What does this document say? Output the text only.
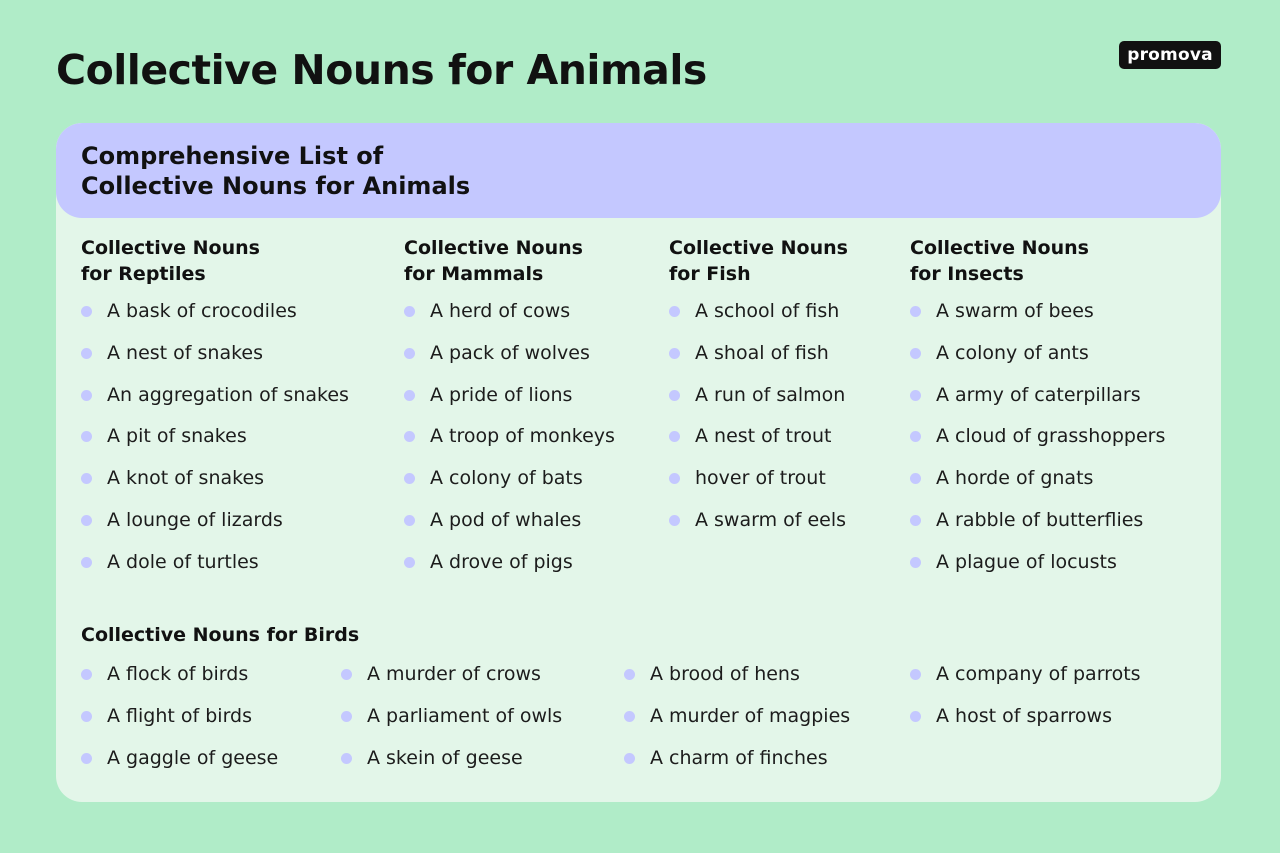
Collective Nouns for Animals	promova
Comprehensive List of
Collective Nouns for Animals
Collective Nouns
for Reptiles
A bask of crocodiles
A nest of snakes
An aggregation of snakes
A pit of snakes
A knot of snakes
A lounge of lizards
A dole of turtles
Collective Nouns
for Mammals
A herd of cows
A pack of wolves
A pride of lions
A troop of monkeys
A colony of bats
A pod of whales
A drove of pigs
Collective Nouns
for Fish
A school of fish
A shoal of fish
A run of salmon
A nest of trout
hover of trout
A swarm of eels
Collective Nouns
for Insects
A swarm of bees
A colony of ants
A army of caterpillars
A cloud of grasshoppers
A horde of gnats
A rabble of butterflies
A plague of locusts
Collective Nouns for Birds
A flock of birds
A flight of birds
A gaggle of geese
A murder of crows
A parliament of owls
A skein of geese
A brood of hens
A murder of magpies
A charm of finches
A company of parrots
A host of sparrows
